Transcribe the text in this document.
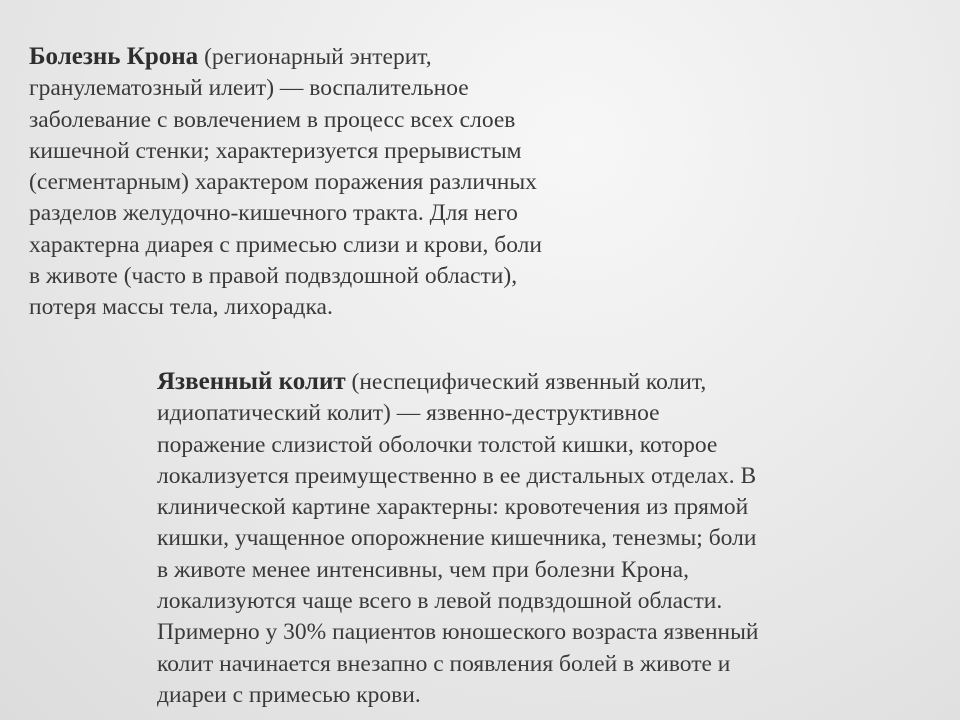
Болезнь Крона (регионарный энтерит,
гранулематозный илеит) — воспалительное
заболевание с вовлечением в процесс всех слоев
кишечной стенки; характеризуется прерывистым
(сегментарным) характером поражения различных
разделов желудочно-кишечного тракта. Для него
характерна диарея с примесью слизи и крови, боли
в животе (часто в правой подвздошной области),
потеря массы тела, лихорадка.

Язвенный колит (неспецифический язвенный колит,
идиопатический колит) — язвенно-деструктивное
поражение слизистой оболочки толстой кишки, которое
локализуется преимущественно в ее дистальных отделах. В
клинической картине характерны: кровотечения из прямой
кишки, учащенное опорожнение кишечника, тенезмы; боли
в животе менее интенсивны, чем при болезни Крона,
локализуются чаще всего в левой подвздошной области.
Примерно у 30% пациентов юношеского возраста язвенный
колит начинается внезапно с появления болей в животе и
диареи с примесью крови.
